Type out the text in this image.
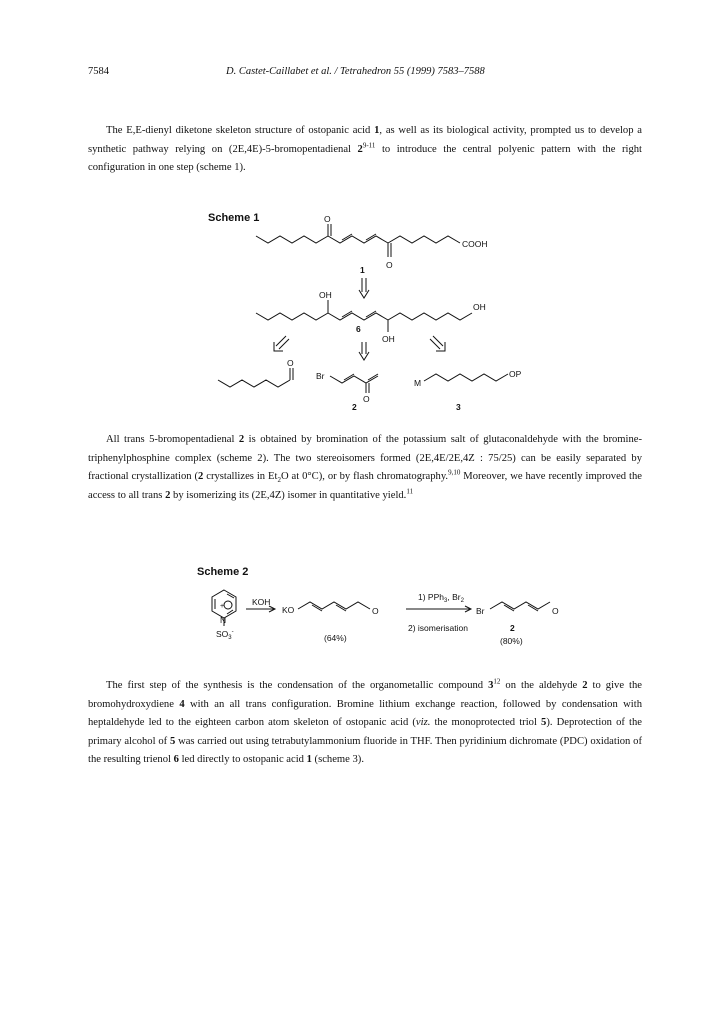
7584	D. Castet-Caillabet et al. / Tetrahedron 55 (1999) 7583–7588

The E,E-dienyl diketone skeleton structure of ostopanic acid 1, as well as its biological activity, prompted us to develop a synthetic pathway relying on (2E,4E)-5-bromopentadienal 2$^{9-11}$ to introduce the central polyenic pattern with the right configuration in one step (scheme 1).

Scheme 1	O
COOH
O
1
OH
OH
6
OH
O
Br
O
2
M
OP
3

All trans 5-bromopentadienal 2 is obtained by bromination of the potassium salt of glutaconaldehyde with the bromine-triphenylphosphine complex (scheme 2). The two stereoisomers formed (2E,4E/2E,4Z : 75/25) can be easily separated by fractional crystallization (2 crystallizes in $Et_2O$ at 0°C), or by flash chromatography.$^{9,10}$ Moreover, we have recently improved the access to all trans 2 by isomerizing its (2E,4Z) isomer in quantitative yield.$^{11}$

Scheme 2
+
N
$SO_3^-$
KOH
KO	O
(64%)
1) PPh$_3$, $Br_2$
2) isomerisation
Br	O
2
(80%)

The first step of the synthesis is the condensation of the organometallic compound $3^{12}$ on the aldehyde 2 to give the bromohydroxydiene 4 with an all trans configuration. Bromine lithium exchange reaction, followed by condensation with heptaldehyde led to the eighteen carbon atom skeleton of ostopanic acid (viz. the monoprotected triol 5). Deprotection of the primary alcohol of 5 was carried out using tetrabutylammonium fluoride in THF. Then pyridinium dichromate (PDC) oxidation of the resulting trienol 6 led directly to ostopanic acid 1 (scheme 3).
